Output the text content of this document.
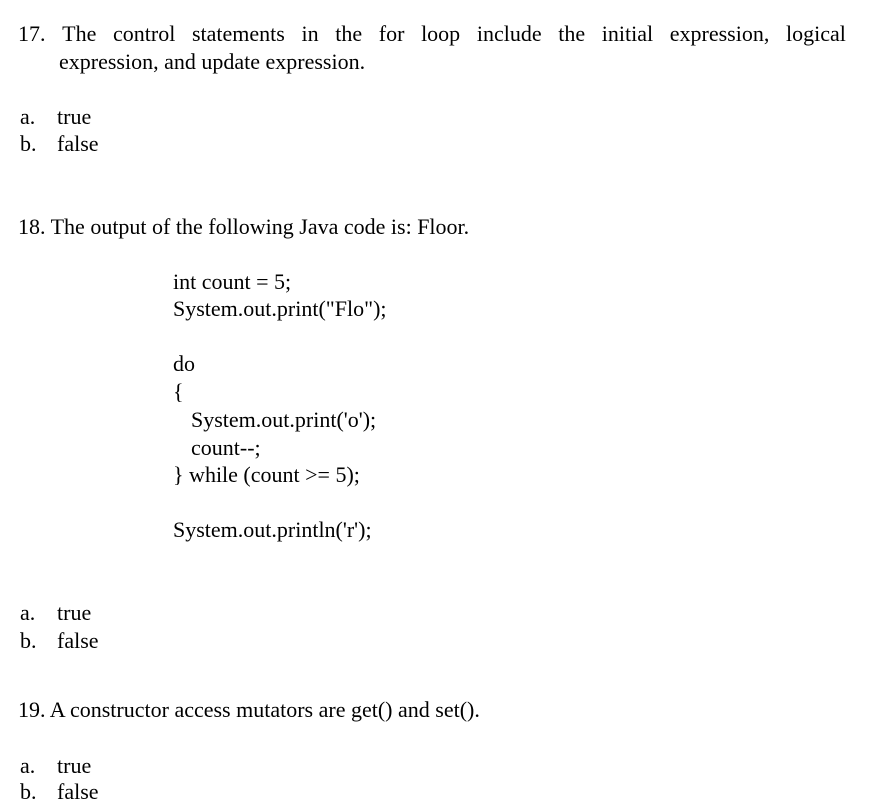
17. The control statements in the for loop include the initial expression, logical
expression, and update expression.
a. true
b. false
18. The output of the following Java code is: Floor.
int count = 5;
System.out.print("Flo");
do
{
System.out.print('o');
count--;
} while (count >= 5);
System.out.println('r');
a. true
b. false
19. A constructor access mutators are get() and set().
a. true
b. false
